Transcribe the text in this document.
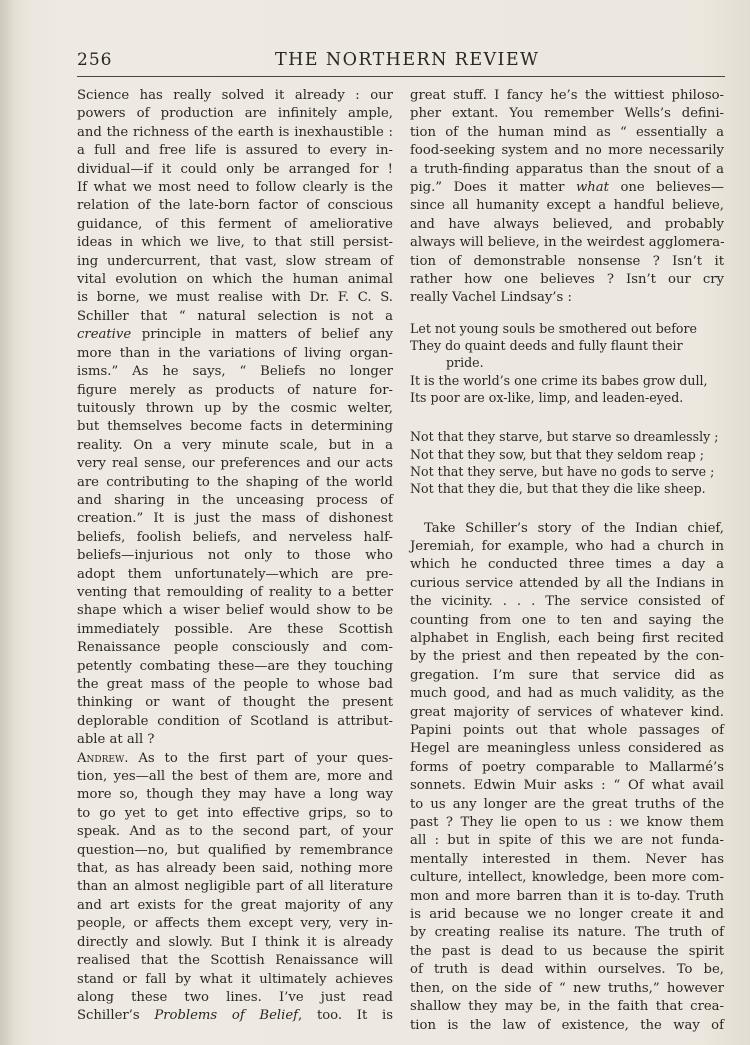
256	THE NORTHERN REVIEW
Science has really solved it already : our
powers of production are infinitely ample,
and the richness of the earth is inexhaustible :
a full and free life is assured to every in-
dividual—if it could only be arranged for !
If what we most need to follow clearly is the
relation of the late-born factor of conscious
guidance, of this ferment of ameliorative
ideas in which we live, to that still persist-
ing undercurrent, that vast, slow stream of
vital evolution on which the human animal
is borne, we must realise with Dr. F. C. S.
Schiller that “ natural selection is not a
creative principle in matters of belief any
more than in the variations of living organ-
isms.” As he says, “ Beliefs no longer
figure merely as products of nature for-
tuitously thrown up by the cosmic welter,
but themselves become facts in determining
reality. On a very minute scale, but in a
very real sense, our preferences and our acts
are contributing to the shaping of the world
and sharing in the unceasing process of
creation.” It is just the mass of dishonest
beliefs, foolish beliefs, and nerveless half-
beliefs—injurious not only to those who
adopt them unfortunately—which are pre-
venting that remoulding of reality to a better
shape which a wiser belief would show to be
immediately possible. Are these Scottish
Renaissance people consciously and com-
petently combating these—are they touching
the great mass of the people to whose bad
thinking or want of thought the present
deplorable condition of Scotland is attribut-
able at all ?
Andrew. As to the first part of your ques-
tion, yes—all the best of them are, more and
more so, though they may have a long way
to go yet to get into effective grips, so to
speak. And as to the second part, of your
question—no, but qualified by remembrance
that, as has already been said, nothing more
than an almost negligible part of all literature
and art exists for the great majority of any
people, or affects them except very, very in-
directly and slowly. But I think it is already
realised that the Scottish Renaissance will
stand or fall by what it ultimately achieves
along these two lines. I’ve just read
Schiller’s Problems of Belief, too. It is
great stuff. I fancy he’s the wittiest philoso-
pher extant. You remember Wells’s defini-
tion of the human mind as “ essentially a
food-seeking system and no more necessarily
a truth-finding apparatus than the snout of a
pig.” Does it matter what one believes—
since all humanity except a handful believe,
and have always believed, and probably
always will believe, in the weirdest agglomera-
tion of demonstrable nonsense ? Isn’t it
rather how one believes ? Isn’t our cry
really Vachel Lindsay’s :
Let not young souls be smothered out before
They do quaint deeds and fully flaunt their
pride.
It is the world’s one crime its babes grow dull,
Its poor are ox-like, limp, and leaden-eyed.
Not that they starve, but starve so dreamlessly ;
Not that they sow, but that they seldom reap ;
Not that they serve, but have no gods to serve ;
Not that they die, but that they die like sheep.
Take Schiller’s story of the Indian chief,
Jeremiah, for example, who had a church in
which he conducted three times a day a
curious service attended by all the Indians in
the vicinity. . . . The service consisted of
counting from one to ten and saying the
alphabet in English, each being first recited
by the priest and then repeated by the con-
gregation. I’m sure that service did as
much good, and had as much validity, as the
great majority of services of whatever kind.
Papini points out that whole passages of
Hegel are meaningless unless considered as
forms of poetry comparable to Mallarmé’s
sonnets. Edwin Muir asks : “ Of what avail
to us any longer are the great truths of the
past ? They lie open to us : we know them
all : but in spite of this we are not funda-
mentally interested in them. Never has
culture, intellect, knowledge, been more com-
mon and more barren than it is to-day. Truth
is arid because we no longer create it and
by creating realise its nature. The truth of
the past is dead to us because the spirit
of truth is dead within ourselves. To be,
then, on the side of “ new truths,” however
shallow they may be, in the faith that crea-
tion is the law of existence, the way of
